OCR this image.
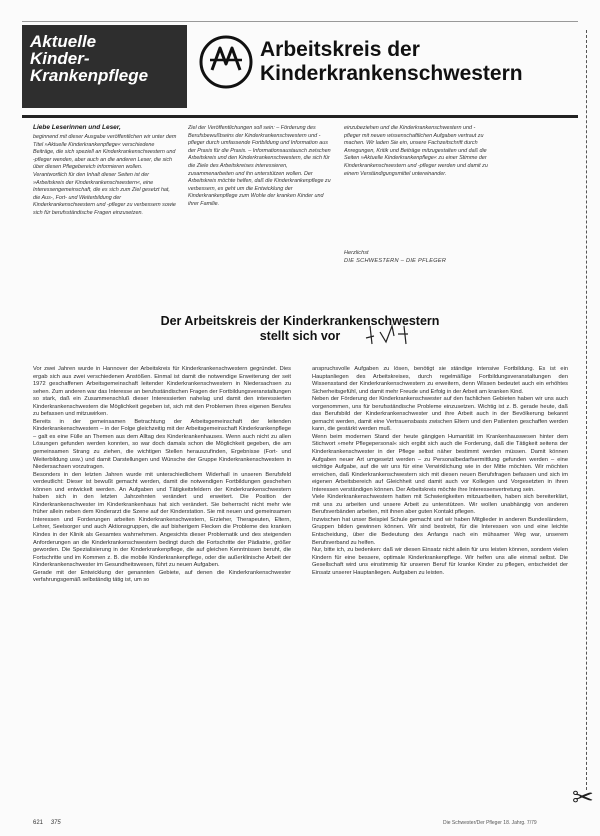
Aktuelle
Kinder-
Krankenpflege
Arbeitskreis der
Kinderkrankenschwestern
Liebe Leserinnen und Leser,
beginnend mit dieser Ausgabe veröffentlichen wir unter dem Titel »Aktuelle Kinderkrankenpflege« verschiedene Beiträge, die sich speziell an Kinderkrankenschwestern und -pfleger wenden, aber auch an die anderen Leser, die sich über diesen Pflegebereich informieren wollen. Verantwortlich für den Inhalt dieser Seiten ist der »Arbeitskreis der Kinderkrankenschwestern«, eine Interessengemeinschaft, die es sich zum Ziel gesetzt hat, die Aus-, Fort- und Weiterbildung der Kinderkrankenschwestern und -pfleger zu verbessern sowie sich für berufsständische Fragen einzusetzen.
Ziel der Veröffentlichungen soll sein: – Förderung des Berufsbewußtseins der Kinderkrankenschwestern und -pfleger durch umfassende Fortbildung und Information aus der Praxis für die Praxis. – Informationsaustausch zwischen Arbeitskreis und den Kinderkrankenschwestern, die sich für die Ziele des Arbeitskreises interessieren, zusammenarbeiten und ihn unterstützen wollen. Der Arbeitskreis möchte helfen, daß die Kinderkrankenpflege zu verbessern, es geht um die Entwicklung der Kinderkrankenpflege zum Wohle der kranken Kinder und ihrer Familie.
einzubeziehen und die Kinderkrankenschwestern und -pfleger mit neuen wissenschaftlichen Aufgaben vertraut zu machen. Wir laden Sie ein, unsere Fachzeitschrift durch Anregungen, Kritik und Beiträge mitzugestalten und daß die Seiten »Aktuelle Kinderkrankenpflege« zu einer Stimme der Kinderkrankenschwestern und -pfleger werden und damit zu einem Verständigungsmittel untereinander.
Herzlichst
DIE SCHWESTERN – DIE PFLEGER
Der Arbeitskreis der Kinderkrankenschwestern
stellt sich vor

Vor zwei Jahren wurde in Hannover der Arbeitskreis für Kinderkrankenschwestern gegründet. Dies ergab sich aus zwei verschiedenen Anstößen. Einmal ist damit die notwendige Erweiterung der seit 1972 geschaffenen Arbeitsgemeinschaft leitender Kinderkrankenschwestern in Niedersachsen zu sehen. Zum anderen war das Interesse an berufsständischen Fragen der Fortbildungsveranstaltungen so stark, daß ein Zusammenschluß dieser Interessierten nahelag und damit den interessierten Kinderkrankenschwestern die Möglichkeit gegeben ist, sich mit den Problemen ihres eigenen Berufes zu befassen und mitzuwirken.

Bereits in der gemeinsamen Betrachtung der Arbeitsgemeinschaft der leitenden Kinderkrankenschwestern – in der Folge gleichzeitig mit der Arbeitsgemeinschaft Kinderkrankenpflege – galt es eine Fülle an Themen aus dem Alltag des Kinderkrankenhauses. Wenn auch nicht zu allen Lösungen gefunden werden konnten, so war doch damals schon die Möglichkeit gegeben, die am gemeinsamen Strang zu ziehen, die wichtigen Stellen herauszufinden, Ergebnisse (Fort- und Weiterbildung usw.) und damit Darstellungen und Wünsche der Gruppe Kinderkrankenschwestern in Niedersachsen vorzutragen.

Besonders in den letzten Jahren wurde mit unterschiedlichem Widerhall in unseren Berufsfeld verdeutlicht: Dieser ist bewußt gemacht werden, damit die notwendigen Fortbildungen geschehen können und entwickelt werden. An Aufgaben und Tätigkeitsfeldern der Kinderkrankenschwestern haben sich in den letzten Jahrzehnten verändert und erweitert. Die Position der Kinderkrankenschwester im Kinderkrankenhaus hat sich verändert. Sie beherrscht nicht mehr wie früher allein neben dem Kinderarzt die Szene auf der Kinderstation. Sie mit neuen und gemeinsamen Interessen und Forderungen arbeiten Kinderkrankenschwestern, Erzieher, Therapeuten, Eltern, Lehrer, Seelsorger und auch Aktionsgruppen, die auf bisherigem Flecken die Probleme des kranken Kindes in der Klinik als Gesamtes wahrnehmen. Angesichts dieser Problematik und des steigenden Anforderungen an die Kinderkrankenschwestern bedingt durch die Fortschritte der Pädiatrie, größer geworden. Die Spezialisierung in der Kinderkrankenpflege, die auf gleichen Kenntnissen beruht, die Fortschritte und im Kommen z. B. die mobile Kinderkrankenpflege, oder die außerklinische Arbeit der Kinderkrankenschwester im Gesundheitswesen, führt zu neuen Aufgaben.

Gerade mit der Entwicklung der genannten Gebiete, auf denen die Kinderkrankenschwester verfahrungsgemäß selbständig tätig ist, um so

anspruchsvolle Aufgaben zu lösen, benötigt sie ständige intensive Fortbildung. Es ist ein Hauptanliegen des Arbeitskreises, durch regelmäßige Fortbildungsveranstaltungen den Wissensstand der Kinderkrankenschwestern zu erweitern, denn Wissen bedeutet auch ein erhöhtes Sicherheitsgefühl, und damit mehr Freude und Erfolg in der Arbeit am kranken Kind.

Neben der Förderung der Kinderkrankenschwester auf den fachlichen Gebieten haben wir uns auch vorgenommen, uns für berufsständische Probleme einzusetzen. Wichtig ist z. B. gerade heute, daß das Berufsbild der Kinderkrankenschwester und ihre Arbeit auch in der Bevölkerung bekannt gemacht werden, damit eine Vertrauensbasis zwischen Eltern und den Patienten geschaffen werden kann, die gestärkt werden muß.

Wenn beim modernen Stand der heute gängigen Humanität im Krankenhauswesen hinter dem Stichwort »mehr Pflegepersonal« sich ergibt sich auch die Forderung, daß die Tätigkeit seitens der Kinderkrankenschwester in der Pflege selbst näher bestimmt werden müssen. Damit können Aufgaben neuer Art umgesetzt werden – zu Personalbedarfsermittlung gefunden werden – eine wichtige Aufgabe, auf die wir uns für eine Verwirklichung wie in der Mitte möchten. Wir möchten erreichen, daß Kinderkrankenschwestern sich mit diesen neuen Berufsfragen befassen und sich im eigenen Arbeitsbereich auf Gleichheit und damit auch vor Kollegen und Vorgesetzten in ihren Interessen verständigen können. Der Arbeitskreis möchte ihre Interessenvertretung sein.

Viele Kinderkrankenschwestern hatten mit Schwierigkeiten mitzuarbeiten, haben sich bereiterklärt, mit uns zu arbeiten und unsere Arbeit zu unterstützen. Wir wollen unabhängig von anderen Berufsverbänden arbeiten, mit ihnen aber guten Kontakt pflegen.

Inzwischen hat unser Beispiel Schule gemacht und wir haben Mitglieder in anderen Bundesländern, Gruppen bilden gewinnen können. Wir sind bestrebt, für die Interessen von und eine leichte Entscheidung, über die Bedeutung des Anfangs nach ein mühsamer Weg war, unserem Berufsverband zu helfen.

Nur, bitte ich, zu bedenken: daß wir diesen Einsatz nicht allein für uns leisten können, sondern vielen Kindern für eine bessere, optimale Kinderkrankenpflege. Wir helfen uns alle einmal selbst. Die Gesellschaft wird uns einstimmig für unseren Beruf für kranke Kinder zu pflegen, entscheidet der Einsatz unserer Hauptanliegen. Aufgaben zu leisten.

621 375	Die Schwester/Der Pfleger 18. Jahrg. 7/79
✂
